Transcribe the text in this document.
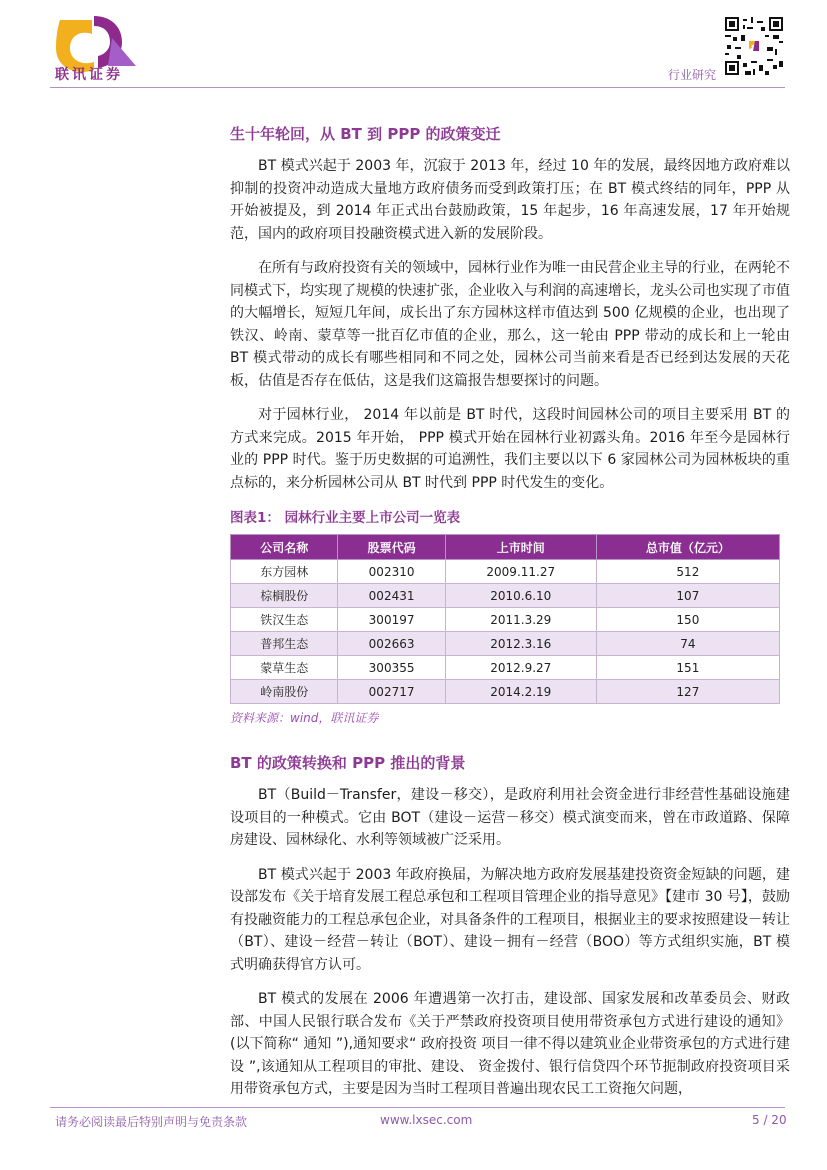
联讯证券	行业研究
生十年轮回，从 BT 到 PPP 的政策变迁

BT 模式兴起于 2003 年，沉寂于 2013 年，经过 10 年的发展，最终因地方政府难以抑制的投资冲动造成大量地方政府债务而受到政策打压；在 BT 模式终结的同年，PPP 从开始被提及，到 2014 年正式出台鼓励政策，15 年起步，16 年高速发展，17 年开始规范，国内的政府项目投融资模式进入新的发展阶段。

在所有与政府投资有关的领域中，园林行业作为唯一由民营企业主导的行业，在两轮不同模式下，均实现了规模的快速扩张，企业收入与利润的高速增长，龙头公司也实现了市值的大幅增长，短短几年间，成长出了东方园林这样市值达到 500 亿规模的企业，也出现了铁汉、岭南、蒙草等一批百亿市值的企业，那么，这一轮由 PPP 带动的成长和上一轮由 BT 模式带动的成长有哪些相同和不同之处，园林公司当前来看是否已经到达发展的天花板，估值是否存在低估，这是我们这篇报告想要探讨的问题。

对于园林行业， 2014 年以前是 BT 时代，这段时间园林公司的项目主要采用 BT 的方式来完成。2015 年开始， PPP 模式开始在园林行业初露头角。2016 年至今是园林行业的 PPP 时代。鉴于历史数据的可追溯性，我们主要以以下 6 家园林公司为园林板块的重点标的，来分析园林公司从 BT 时代到 PPP 时代发生的变化。

图表1： 园林行业主要上市公司一览表
公司名称	股票代码	上市时间	总市值（亿元）
东方园林	002310	2009.11.27	512
棕榈股份	002431	2010.6.10	107
铁汉生态	300197	2011.3.29	150
普邦生态	002663	2012.3.16	74
蒙草生态	300355	2012.9.27	151
岭南股份	002717	2014.2.19	127
资料来源：wind，联讯证券
BT 的政策转换和 PPP 推出的背景

BT（Build－Transfer，建设－移交），是政府利用社会资金进行非经营性基础设施建设项目的一种模式。它由 BOT（建设－运营－移交）模式演变而来，曾在市政道路、保障房建设、园林绿化、水利等领域被广泛采用。

BT 模式兴起于 2003 年政府换届，为解决地方政府发展基建投资资金短缺的问题，建设部发布《关于培育发展工程总承包和工程项目管理企业的指导意见》【建市 30 号】，鼓励有投融资能力的工程总承包企业，对具备条件的工程项目，根据业主的要求按照建设－转让（BT）、建设－经营－转让（BOT）、建设－拥有－经营（BOO）等方式组织实施，BT 模式明确获得官方认可。

BT 模式的发展在 2006 年遭遇第一次打击，建设部、国家发展和改革委员会、财政部、中国人民银行联合发布《关于严禁政府投资项目使用带资承包方式进行建设的通知》(以下简称“ 通知 ”),通知要求“ 政府投资 项目一律不得以建筑业企业带资承包的方式进行建设 ”,该通知从工程项目的审批、建设、 资金拨付、银行信贷四个环节扼制政府投资项目采用带资承包方式，主要是因为当时工程项目普遍出现农民工工资拖欠问题，

请务必阅读最后特别声明与免责条款	www.lxsec.com	5 / 20
